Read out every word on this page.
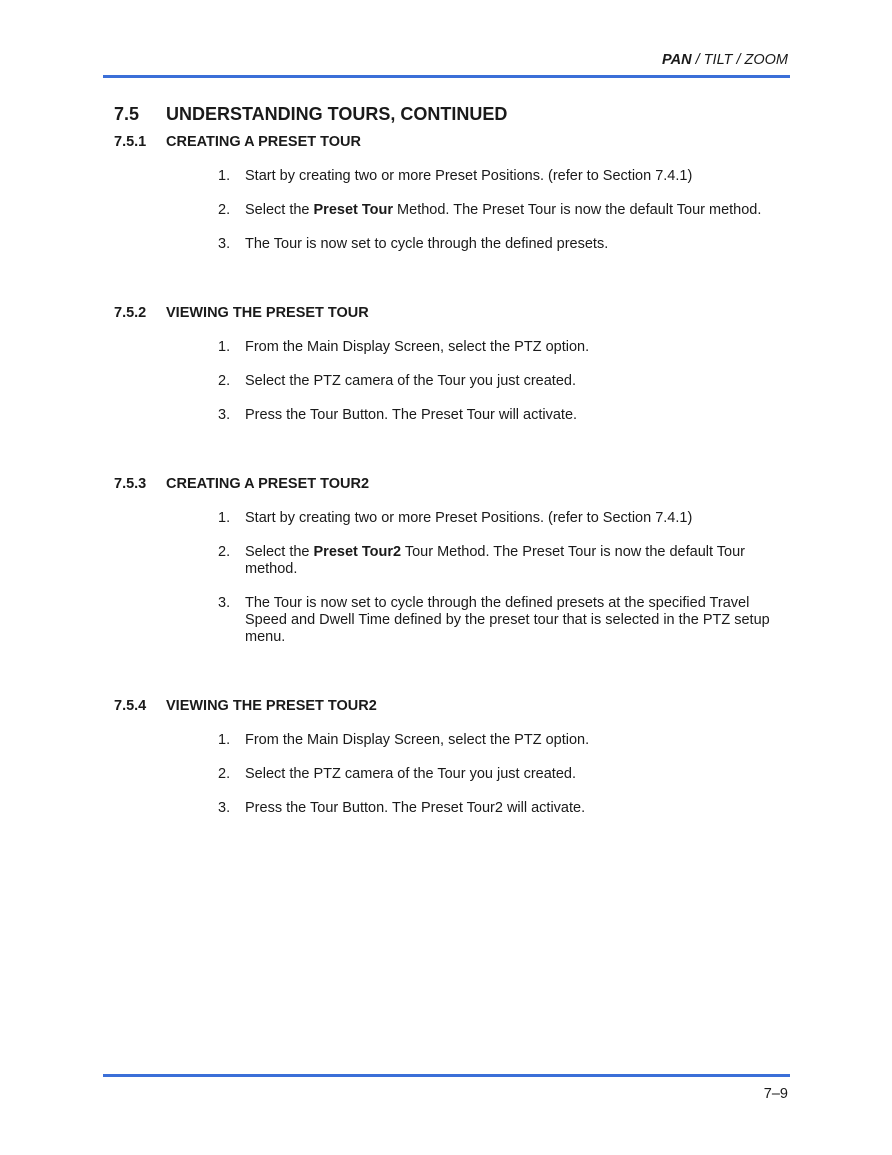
PAN / TILT / ZOOM
7.5 UNDERSTANDING TOURS, CONTINUED
7.5.1 CREATING A PRESET TOUR

1. Start by creating two or more Preset Positions. (refer to Section 7.4.1)

2. Select the Preset Tour Method. The Preset Tour is now the default Tour method.

3. The Tour is now set to cycle through the defined presets.

7.5.2 VIEWING THE PRESET TOUR

1. From the Main Display Screen, select the PTZ option.

2. Select the PTZ camera of the Tour you just created.

3. Press the Tour Button. The Preset Tour will activate.

7.5.3 CREATING A PRESET TOUR2

1. Start by creating two or more Preset Positions. (refer to Section 7.4.1)

2. Select the Preset Tour2 Tour Method. The Preset Tour is now the default Tour method.

3. The Tour is now set to cycle through the defined presets at the specified Travel Speed and Dwell Time defined by the preset tour that is selected in the PTZ setup menu.

7.5.4 VIEWING THE PRESET TOUR2

1. From the Main Display Screen, select the PTZ option.

2. Select the PTZ camera of the Tour you just created.

3. Press the Tour Button. The Preset Tour2 will activate.

7–9
